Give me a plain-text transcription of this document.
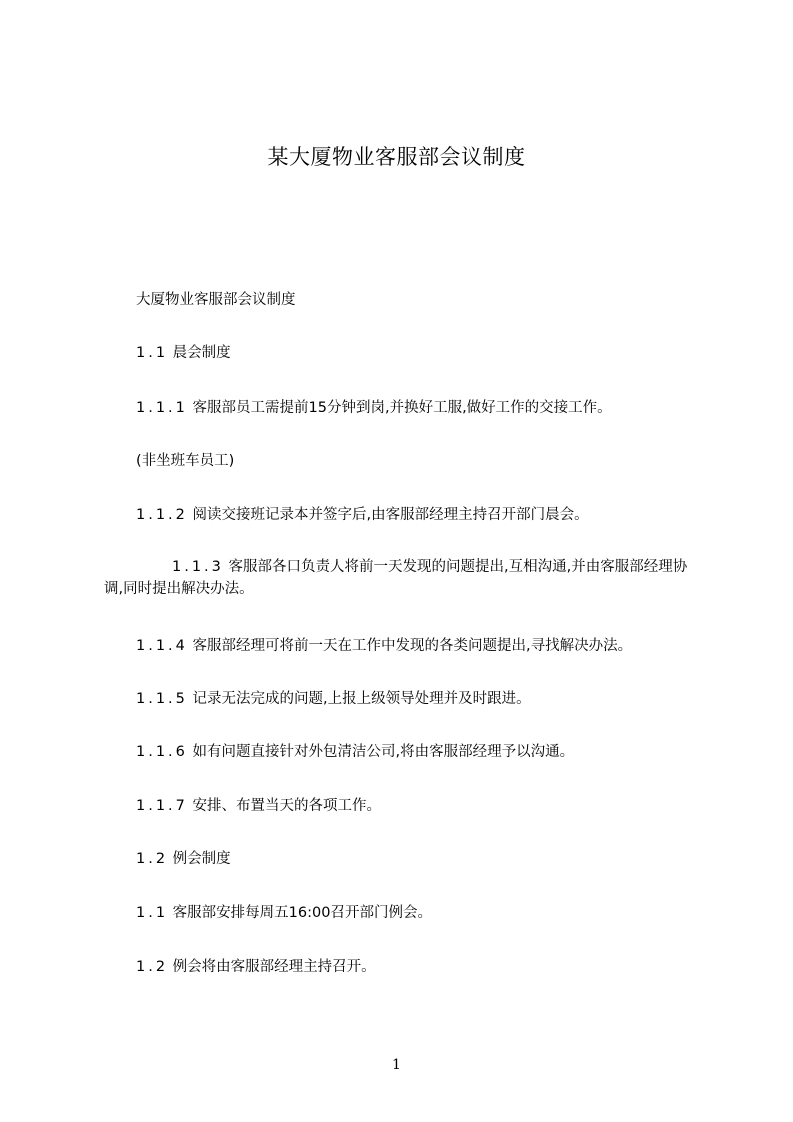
某大厦物业客服部会议制度
大厦物业客服部会议制度
1.1 晨会制度
1.1.1 客服部员工需提前15分钟到岗,并换好工服,做好工作的交接工作。
(非坐班车员工)
1.1.2 阅读交接班记录本并签字后,由客服部经理主持召开部门晨会。
1.1.3 客服部各口负责人将前一天发现的问题提出,互相沟通,并由客服部经理协调,同时提出解决办法。
1.1.4 客服部经理可将前一天在工作中发现的各类问题提出,寻找解决办法。
1.1.5 记录无法完成的问题,上报上级领导处理并及时跟进。
1.1.6 如有问题直接针对外包清洁公司,将由客服部经理予以沟通。
1.1.7 安排、布置当天的各项工作。
1.2 例会制度
1.1 客服部安排每周五16:00召开部门例会。
1.2 例会将由客服部经理主持召开。
1
